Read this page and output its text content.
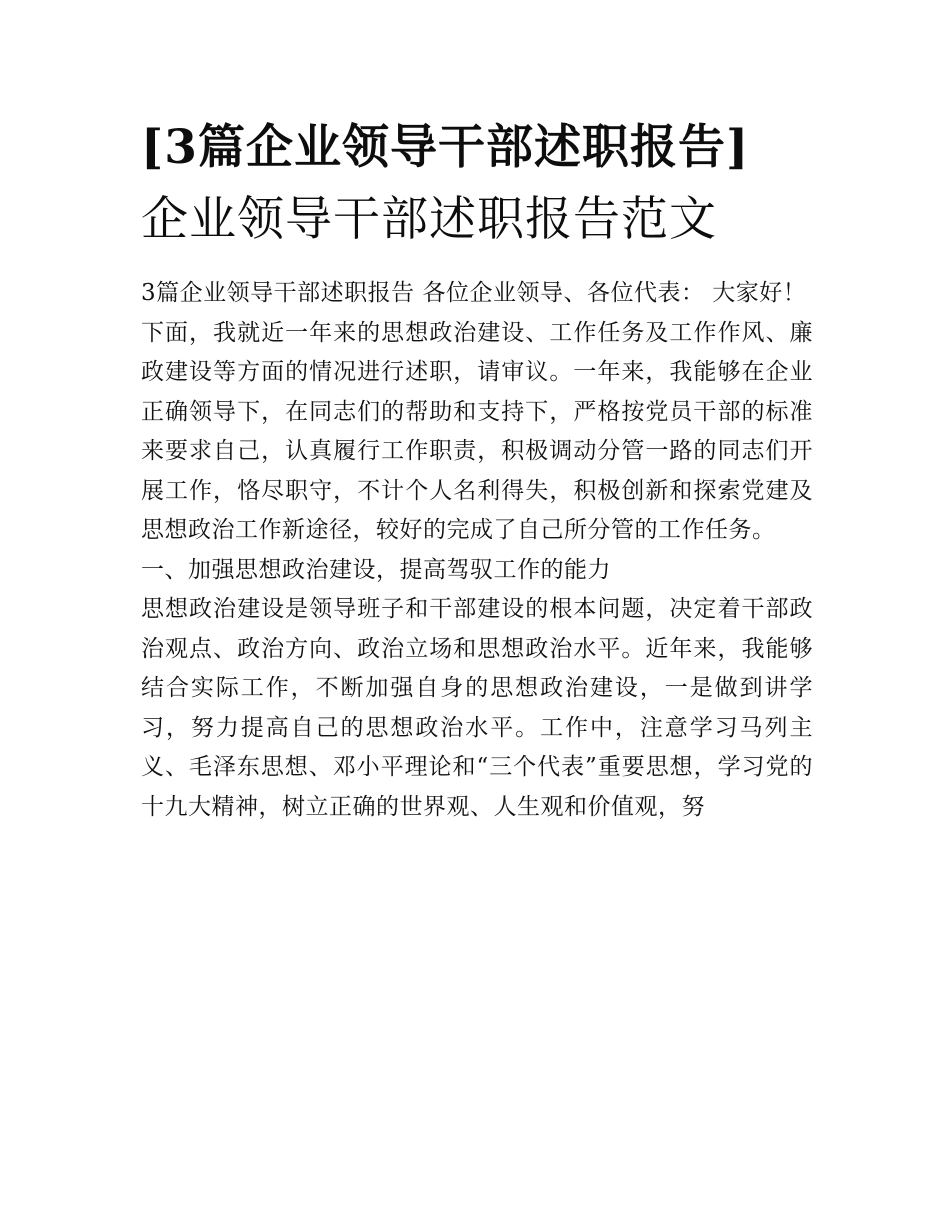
[3篇企业领导干部述职报告]
企业领导干部述职报告范文

3篇企业领导干部述职报告 各位企业领导、各位代表： 大家好！

下面，我就近一年来的思想政治建设、工作任务及工作作风、廉政建设等方面的情况进行述职，请审议。一年来，我能够在企业正确领导下，在同志们的帮助和支持下，严格按党员干部的标准来要求自己，认真履行工作职责，积极调动分管一路的同志们开展工作，恪尽职守，不计个人名利得失，积极创新和探索党建及思想政治工作新途径，较好的完成了自己所分管的工作任务。

一、加强思想政治建设，提高驾驭工作的能力

思想政治建设是领导班子和干部建设的根本问题，决定着干部政治观点、政治方向、政治立场和思想政治水平。近年来，我能够结合实际工作，不断加强自身的思想政治建设，一是做到讲学习，努力提高自己的思想政治水平。工作中，注意学习马列主义、毛泽东思想、邓小平理论和“三个代表”重要思想，学习党的十九大精神，树立正确的世界观、人生观和价值观，努
